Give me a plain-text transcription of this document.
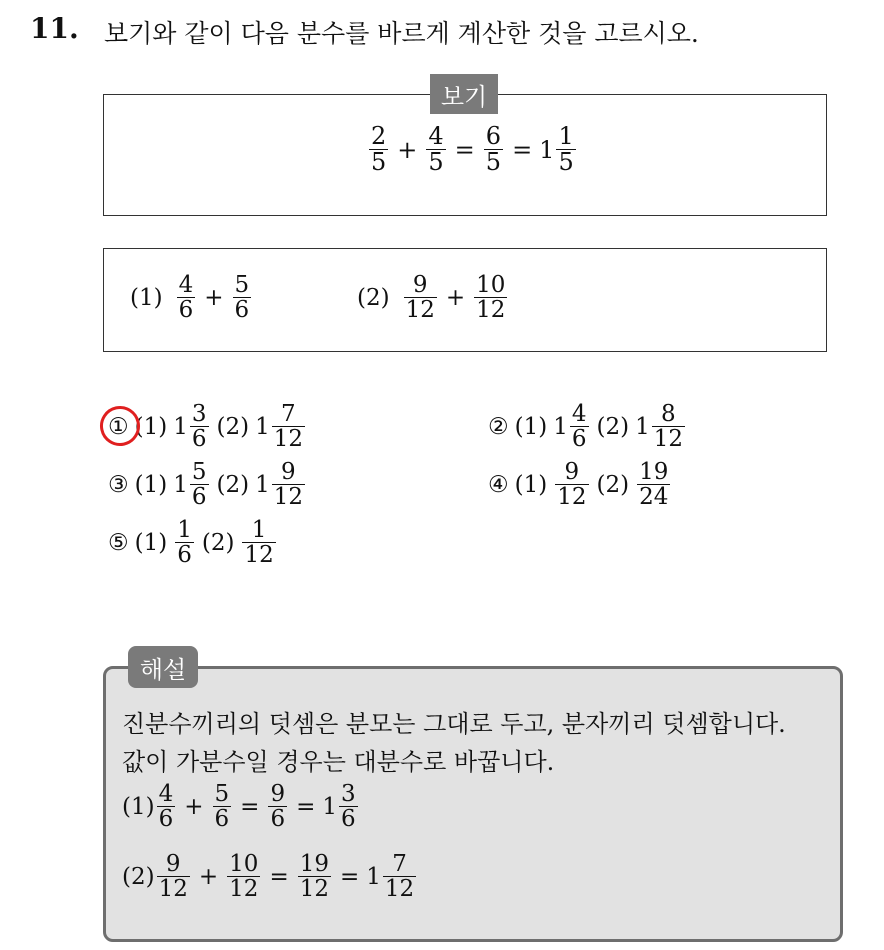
11. 보기와 같이 다음 분수를 바르게 계산한 것을 고르시오.
보기
$\frac{2}{5} + \frac{4}{5} = \frac{6}{5} = 1 \frac{1}{5}$
$(1) \frac{4}{6} + \frac{5}{6}$	$(2) \frac{9}{12} + \frac{10}{12}$
① (1) $1 \frac{3}{6} (2)$ $1 \frac{7}{12}$	② (1) $1 \frac{4}{6} (2)$ $1 \frac{8}{12}$
③ (1) $1 \frac{5}{6} (2)$ $1 \frac{9}{12}$	④ $(1) \frac{9}{12} (2) \frac{19}{24}$
⑤ $(1) \frac{1}{6} (2) \frac{1}{12}$
해설
진분수끼리의 덧셈은 분모는 그대로 두고, 분자끼리 덧셈합니다.
값이 가분수일 경우는 대분수로 바꿉니다.
$(1) \frac{4}{6} + \frac{5}{6} = \frac{9}{6} = 1 \frac{3}{6}$
$(2) \frac{9}{12} + \frac{10}{12} = \frac{19}{12} = 1 \frac{7}{12}$
